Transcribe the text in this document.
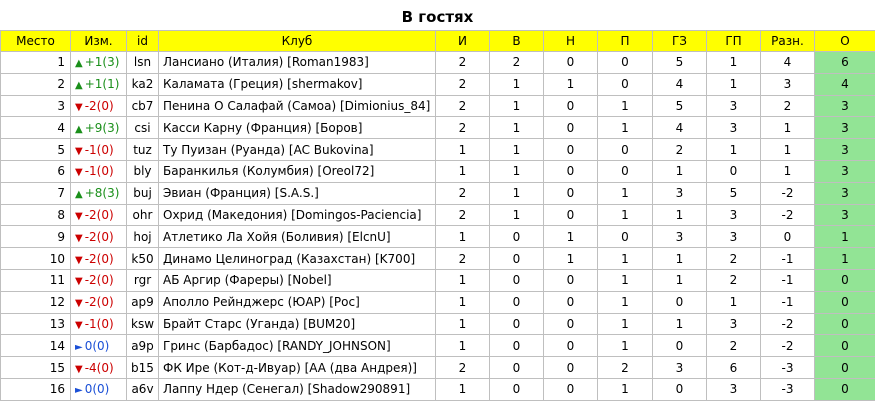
В гостях
Место	Изм.	id	Клуб	И	В	Н	П	ГЗ	ГП	Разн.	О
1	▲ +1(3)	lsn	Лансиано (Италия) [Roman1983]	2	2	0	0	5	1	4	6
2	▲ +1(1)	ka2	Каламата (Греция) [shermakov]	2	1	1	0	4	1	3	4
3	▼ -2(0)	cb7	Пенина О Салафай (Самоа) [Dimionius_84]	2	1	0	1	5	3	2	3
4	▲ +9(3)	csi	Касси Карну (Франция) [Боров]	2	1	0	1	4	3	1	3
5	▼ -1(0)	tuz	Ту Пуизан (Руанда) [AC Bukovina]	1	1	0	0	2	1	1	3
6	▼ -1(0)	bly	Баранкилья (Колумбия) [Oreol72]	1	1	0	0	1	0	1	3
7	▲ +8(3)	buj	Эвиан (Франция) [S.A.S.]	2	1	0	1	3	5	-2	3
8	▼ -2(0)	ohr	Охрид (Македония) [Domingos-Paciencia]	2	1	0	1	1	3	-2	3
9	▼ -2(0)	hoj	Атлетико Ла Хойя (Боливия) [ElcnU]	1	0	1	0	3	3	0	1
10	▼ -2(0)	k50	Динамо Целиноград (Казахстан) [K700]	2	0	1	1	1	2	-1	1
11	▼ -2(0)	rgr	АБ Аргир (Фареры) [Nobel]	1	0	0	1	1	2	-1	0
12	▼ -2(0)	ap9	Аполло Рейнджерс (ЮАР) [Рос]	1	0	0	1	0	1	-1	0
13	▼ -1(0)	ksw	Брайт Старс (Уганда) [BUM20]	1	0	0	1	1	3	-2	0
14	► 0(0)	a9p	Гринс (Барбадос) [RANDY_JOHNSON]	1	0	0	1	0	2	-2	0
15	▼ -4(0)	b15	ФК Ире (Кот-д-Ивуар) [AA (два Андрея)]	2	0	0	2	3	6	-3	0
16	► 0(0)	a6v	Лаппу Ндер (Сенегал) [Shadow290891]	1	0	0	1	0	3	-3	0
